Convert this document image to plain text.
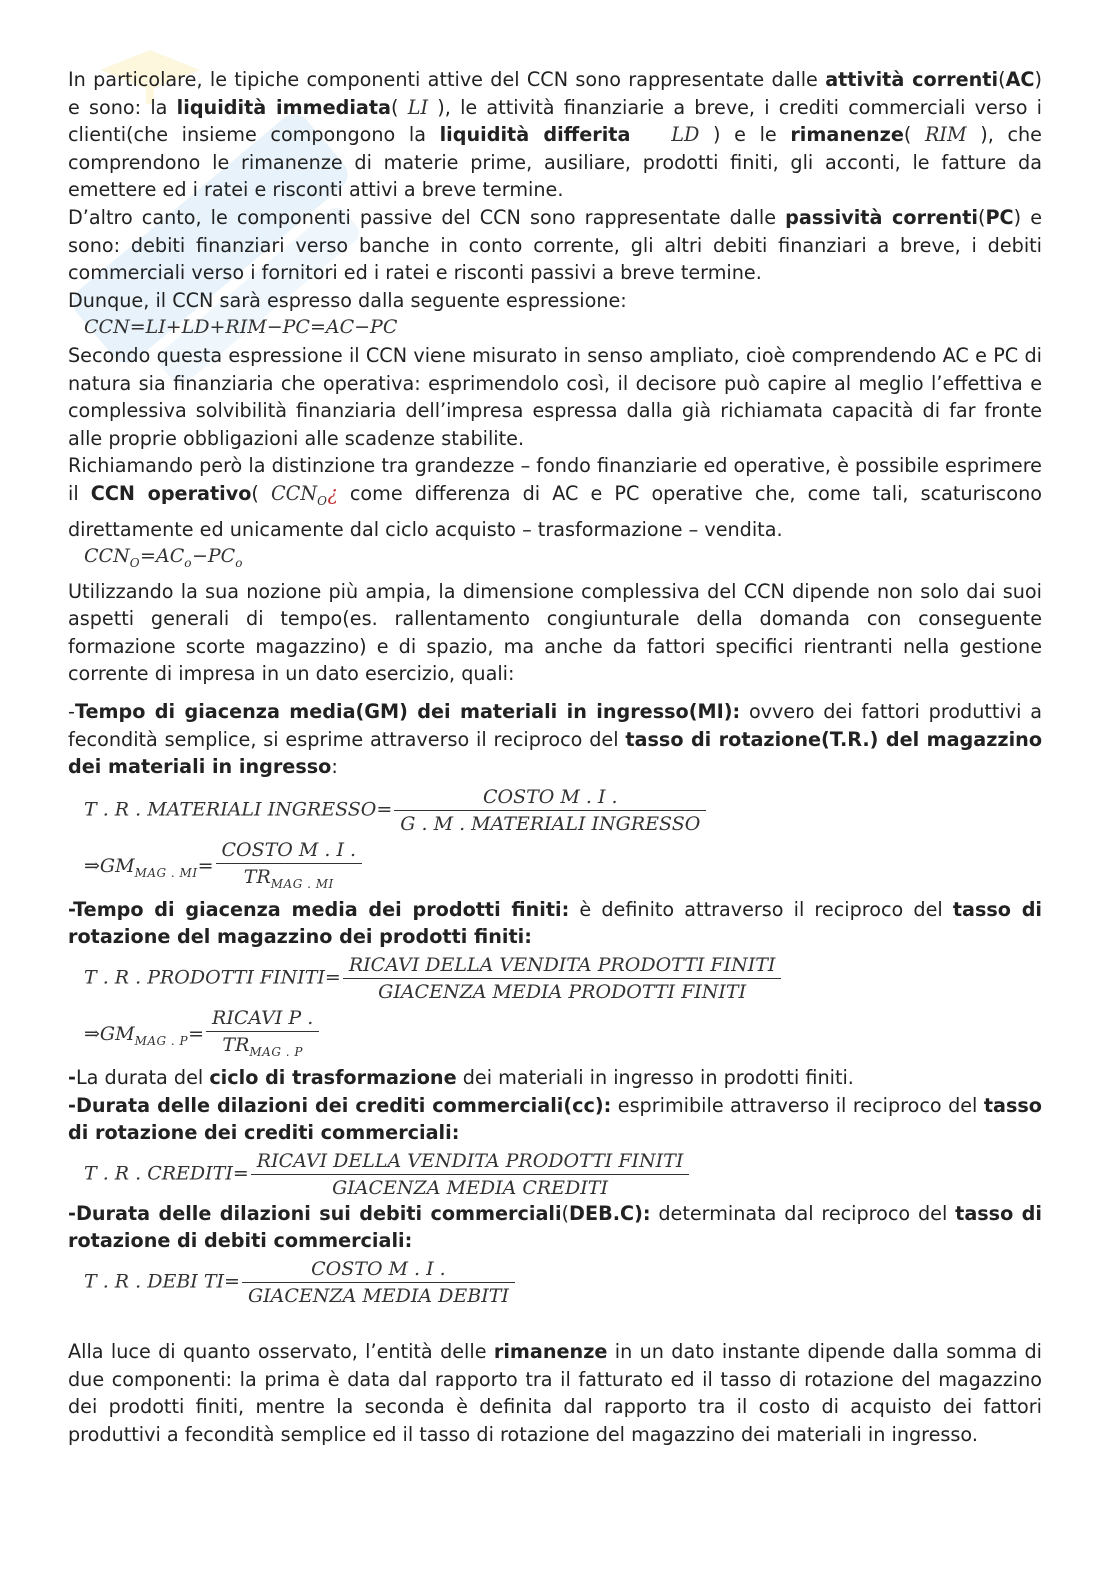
In particolare, le tipiche componenti attive del CCN sono rappresentate dalle attività correnti(AC) e sono: la liquidità immediata( LI ), le attività finanziarie a breve, i crediti commerciali verso i clienti(che insieme compongono la liquidità differita LD ) e le rimanenze( RIM ), che comprendono le rimanenze di materie prime, ausiliare, prodotti finiti, gli acconti, le fatture da emettere ed i ratei e risconti attivi a breve termine.

D’altro canto, le componenti passive del CCN sono rappresentate dalle passività correnti(PC) e sono: debiti finanziari verso banche in conto corrente, gli altri debiti finanziari a breve, i debiti commerciali verso i fornitori ed i ratei e risconti passivi a breve termine.

Dunque, il CCN sarà espresso dalla seguente espressione:

CCN=LI+LD+RIM−PC=AC−PC

Secondo questa espressione il CCN viene misurato in senso ampliato, cioè comprendendo AC e PC di natura sia finanziaria che operativa: esprimendolo così, il decisore può capire al meglio l’effettiva e complessiva solvibilità finanziaria dell’impresa espressa dalla già richiamata capacità di far fronte alle proprie obbligazioni alle scadenze stabilite.

Richiamando però la distinzione tra grandezze – fondo finanziarie ed operative, è possibile esprimere il CCN operativo( $CCN_O¿$ come differenza di AC e PC operative che, come tali, scaturiscono direttamente ed unicamente dal ciclo acquisto – trasformazione – vendita.

$CCN_O=AC_o-PC_o$

Utilizzando la sua nozione più ampia, la dimensione complessiva del CCN dipende non solo dai suoi aspetti generali di tempo(es. rallentamento congiunturale della domanda con conseguente formazione scorte magazzino) e di spazio, ma anche da fattori specifici rientranti nella gestione corrente di impresa in un dato esercizio, quali:

-Tempo di giacenza media(GM) dei materiali in ingresso(MI): ovvero dei fattori produttivi a fecondità semplice, si esprime attraverso il reciproco del tasso di rotazione(T.R.) del magazzino dei materiali in ingresso:

T . R . MATERIALI INGRESSO= $\frac{\text{COSTO M . I .}}{\text{G . M . MATERIALI INGRESSO}}$
$\Rightarrow GM_{MAG . MI}= \frac{\text{COSTO M . I .}}{TR_{MAG . MI}}$

-Tempo di giacenza media dei prodotti finiti: è definito attraverso il reciproco del tasso di rotazione del magazzino dei prodotti finiti:

T . R . PRODOTTI FINITI= $\frac{\text{RICAVI DELLA VENDITA PRODOTTI FINITI}}{\text{GIACENZA MEDIA PRODOTTI FINITI}}$
$\Rightarrow GM_{MAG . P}= \frac{\text{RICAVI P .}}{TR_{MAG . P}}$

-La durata del ciclo di trasformazione dei materiali in ingresso in prodotti finiti.

-Durata delle dilazioni dei crediti commerciali(cc): esprimibile attraverso il reciproco del tasso di rotazione dei crediti commerciali:

T . R . CREDITI= $\frac{\text{RICAVI DELLA VENDITA PRODOTTI FINITI}}{\text{GIACENZA MEDIA CREDITI}}$

-Durata delle dilazioni sui debiti commerciali(DEB.C): determinata dal reciproco del tasso di rotazione di debiti commerciali:

T . R . DEBI $TI= \frac{\text{COSTO M . I .}}{\text{GIACENZA MEDIA DEBITI}}$

Alla luce di quanto osservato, l’entità delle rimanenze in un dato instante dipende dalla somma di due componenti: la prima è data dal rapporto tra il fatturato ed il tasso di rotazione del magazzino dei prodotti finiti, mentre la seconda è definita dal rapporto tra il costo di acquisto dei fattori produttivi a fecondità semplice ed il tasso di rotazione del magazzino dei materiali in ingresso.
